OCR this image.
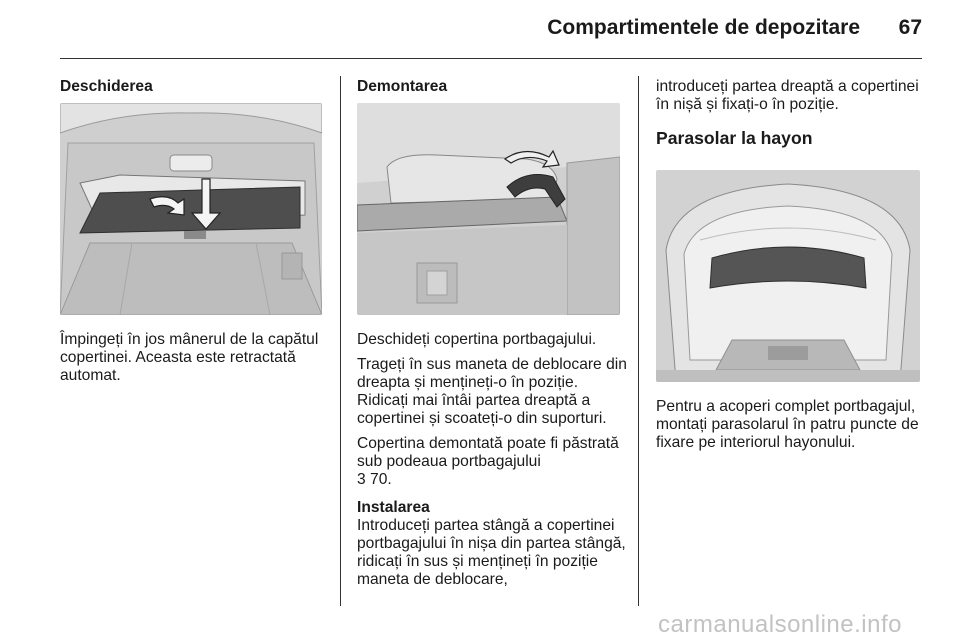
Compartimentele de depozitare 67
Deschiderea

Împingeți în jos mânerul de la capătul copertinei. Aceasta este retractată automat.

Demontarea

Deschideți copertina portbagajului.

Trageți în sus maneta de deblocare din dreapta și mențineți-o în poziție. Ridicați mai întâi partea dreaptă a copertinei și scoateți-o din suporturi.

Copertina demontată poate fi păstrată sub podeaua portbagajului
3 70.

Instalarea

Introduceți partea stângă a copertinei portbagajului în nișa din partea stângă, ridicați în sus și mențineți în poziție maneta de deblocare,

introduceți partea dreaptă a copertinei în nișă și fixați-o în poziție.

Parasolar la hayon

Pentru a acoperi complet portbagajul, montați parasolarul în patru puncte de fixare pe interiorul hayonului.

carmanualsonline.info
